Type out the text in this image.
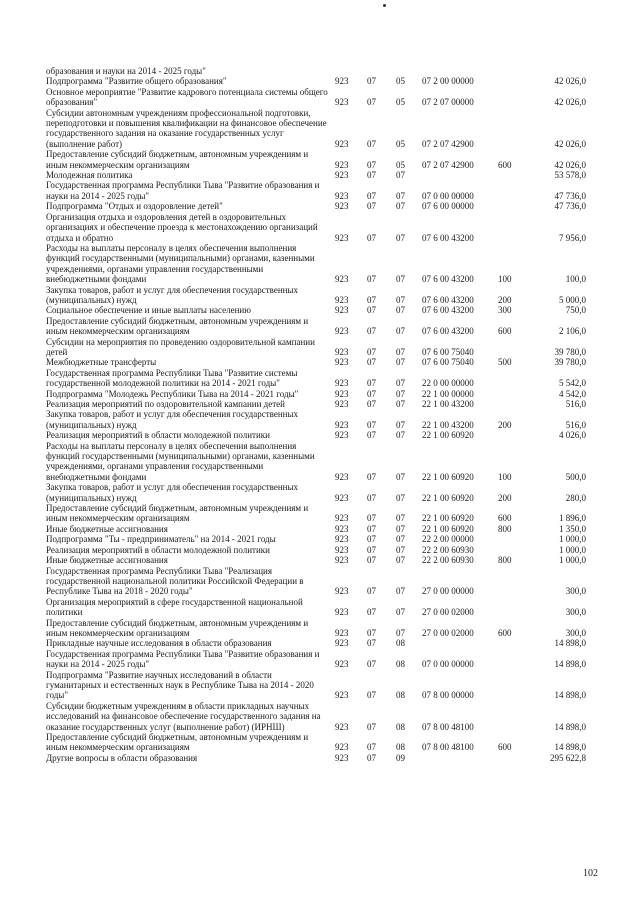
образования и науки на 2014 - 2025 годы"						
Подпрограмма "Развитие общего образования"	923	07	05	07 2 00 00000		42 026,0
Основное мероприятие "Развитие кадрового потенциала системы общего образования"	923	07	05	07 2 07 00000		42 026,0
Субсидии автономным учреждениям профессиональной подготовки, переподготовки и повышения квалификации на финансовое обеспечение государственного задания на оказание государственных услуг (выполнение работ)	923	07	05	07 2 07 42900		42 026,0
Предоставление субсидий бюджетным, автономным учреждениям и иным некоммерческим организациям	923	07	05	07 2 07 42900	600	42 026,0
Молодежная политика	923	07	07			53 578,0
Государственная программа Республики Тыва "Развитие образования и науки на 2014 - 2025 годы"	923	07	07	07 0 00 00000		47 736,0
Подпрограмма "Отдых и оздоровление детей"	923	07	07	07 6 00 00000		47 736,0
Организация отдыха и оздоровления детей в оздоровительных организациях и обеспечение проезда к местонахождению организаций отдыха и обратно	923	07	07	07 6 00 43200		7 956,0
Расходы на выплаты персоналу в целях обеспечения выполнения функций государственными (муниципальными) органами, казенными учреждениями, органами управления государственными внебюджетными фондами	923	07	07	07 6 00 43200	100	100,0
Закупка товаров, работ и услуг для обеспечения государственных (муниципальных) нужд	923	07	07	07 6 00 43200	200	5 000,0
Социальное обеспечение и иные выплаты населению	923	07	07	07 6 00 43200	300	750,0
Предоставление субсидий бюджетным, автономным учреждениям и иным некоммерческим организациям	923	07	07	07 6 00 43200	600	2 106,0
Субсидии на мероприятия по проведению оздоровительной кампании детей	923	07	07	07 6 00 75040		39 780,0
Межбюджетные трансферты	923	07	07	07 6 00 75040	500	39 780,0
Государственная программа Республики Тыва "Развитие системы государственной молодежной политики на 2014 - 2021 годы"	923	07	07	22 0 00 00000		5 542,0
Подпрограмма "Молодежь Республики Тыва на 2014 - 2021 годы"	923	07	07	22 1 00 00000		4 542,0
Реализация мероприятий по оздоровительной кампании детей	923	07	07	22 1 00 43200		516,0
Закупка товаров, работ и услуг для обеспечения государственных (муниципальных) нужд	923	07	07	22 1 00 43200	200	516,0
Реализация мероприятий в области молодежной политики	923	07	07	22 1 00 60920		4 026,0
Расходы на выплаты персоналу в целях обеспечения выполнения функций государственными (муниципальными) органами, казенными учреждениями, органами управления государственными внебюджетными фондами	923	07	07	22 1 00 60920	100	500,0
Закупка товаров, работ и услуг для обеспечения государственных (муниципальных) нужд	923	07	07	22 1 00 60920	200	280,0
Предоставление субсидий бюджетным, автономным учреждениям и иным некоммерческим организациям	923	07	07	22 1 00 60920	600	1 896,0
Иные бюджетные ассигнования	923	07	07	22 1 00 60920	800	1 350,0
Подпрограмма "Ты - предприниматель" на 2014 - 2021 годы	923	07	07	22 2 00 00000		1 000,0
Реализация мероприятий в области молодежной политики	923	07	07	22 2 00 60930		1 000,0
Иные бюджетные ассигнования	923	07	07	22 2 00 60930	800	1 000,0
Государственная программа Республики Тыва "Реализация государственной национальной политики Российской Федерации в Республике Тыва на 2018 - 2020 годы"	923	07	07	27 0 00 00000		300,0
Организация мероприятий в сфере государственной национальной политики	923	07	07	27 0 00 02000		300,0
Предоставление субсидий бюджетным, автономным учреждениям и иным некоммерческим организациям	923	07	07	27 0 00 02000	600	300,0
Прикладные научные исследования в области образования	923	07	08			14 898,0
Государственная программа Республики Тыва "Развитие образования и науки на 2014 - 2025 годы"	923	07	08	07 0 00 00000		14 898,0
Подпрограмма "Развитие научных исследований в области гуманитарных и естественных наук в Республике Тыва на 2014 - 2020 годы"	923	07	08	07 8 00 00000		14 898,0
Субсидии бюджетным учреждениям в области прикладных научных исследований на финансовое обеспечение государственного задания на оказание государственных услуг (выполнение работ) (ИРНШ)	923	07	08	07 8 00 48100		14 898,0
Предоставление субсидий бюджетным, автономным учреждениям и иным некоммерческим организациям	923	07	08	07 8 00 48100	600	14 898,0
Другие вопросы в области образования	923	07	09			295 622,8
102
